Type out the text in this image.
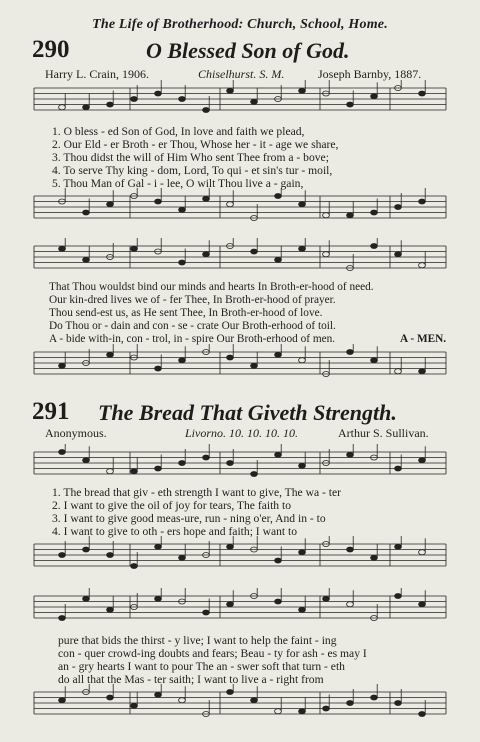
The Life of Brotherhood: Church, School, Home.
290	O Blessed Son of God.
Harry L. Crain, 1906.	Chiselhurst. S. M.	Joseph Barnby, 1887.
1. O bless - ed Son of God, In love and faith we plead,
2. Our Eld - er Broth - er Thou, Whose her - it - age we share,
3. Thou didst the will of Him Who sent Thee from a - bove;
4. To serve Thy king - dom, Lord, To qui - et sin's tur - moil,
5. Thou Man of Gal - i - lee, O wilt Thou live a - gain,
That Thou wouldst bind our minds and hearts In Broth-er-hood of need.
Our kin-dred lives we of - fer Thee, In Broth-er-hood of prayer.
Thou send-est us, as He sent Thee, In Broth-er-hood of love.
Do Thou or - dain and con - se - crate Our Broth-erhood of toil.
A - bide with-in, con - trol, in - spire Our Broth-erhood of men.	A - MEN.
291 The Bread That Giveth Strength.
Anonymous.	Livorno. 10. 10. 10. 10.	Arthur S. Sullivan.
1. The bread that giv - eth strength I want to give, The wa - ter
2. I want to give the oil of joy for tears, The faith to
3. I want to give good meas-ure, run - ning o'er, And in - to
4. I want to give to oth - ers hope and faith; I want to
pure that bids the thirst - y live; I want to help the faint - ing
con - quer crowd-ing doubts and fears; Beau - ty for ash - es may I
an - gry hearts I want to pour The an - swer soft that turn - eth
do all that the Mas - ter saith; I want to live a - right from
